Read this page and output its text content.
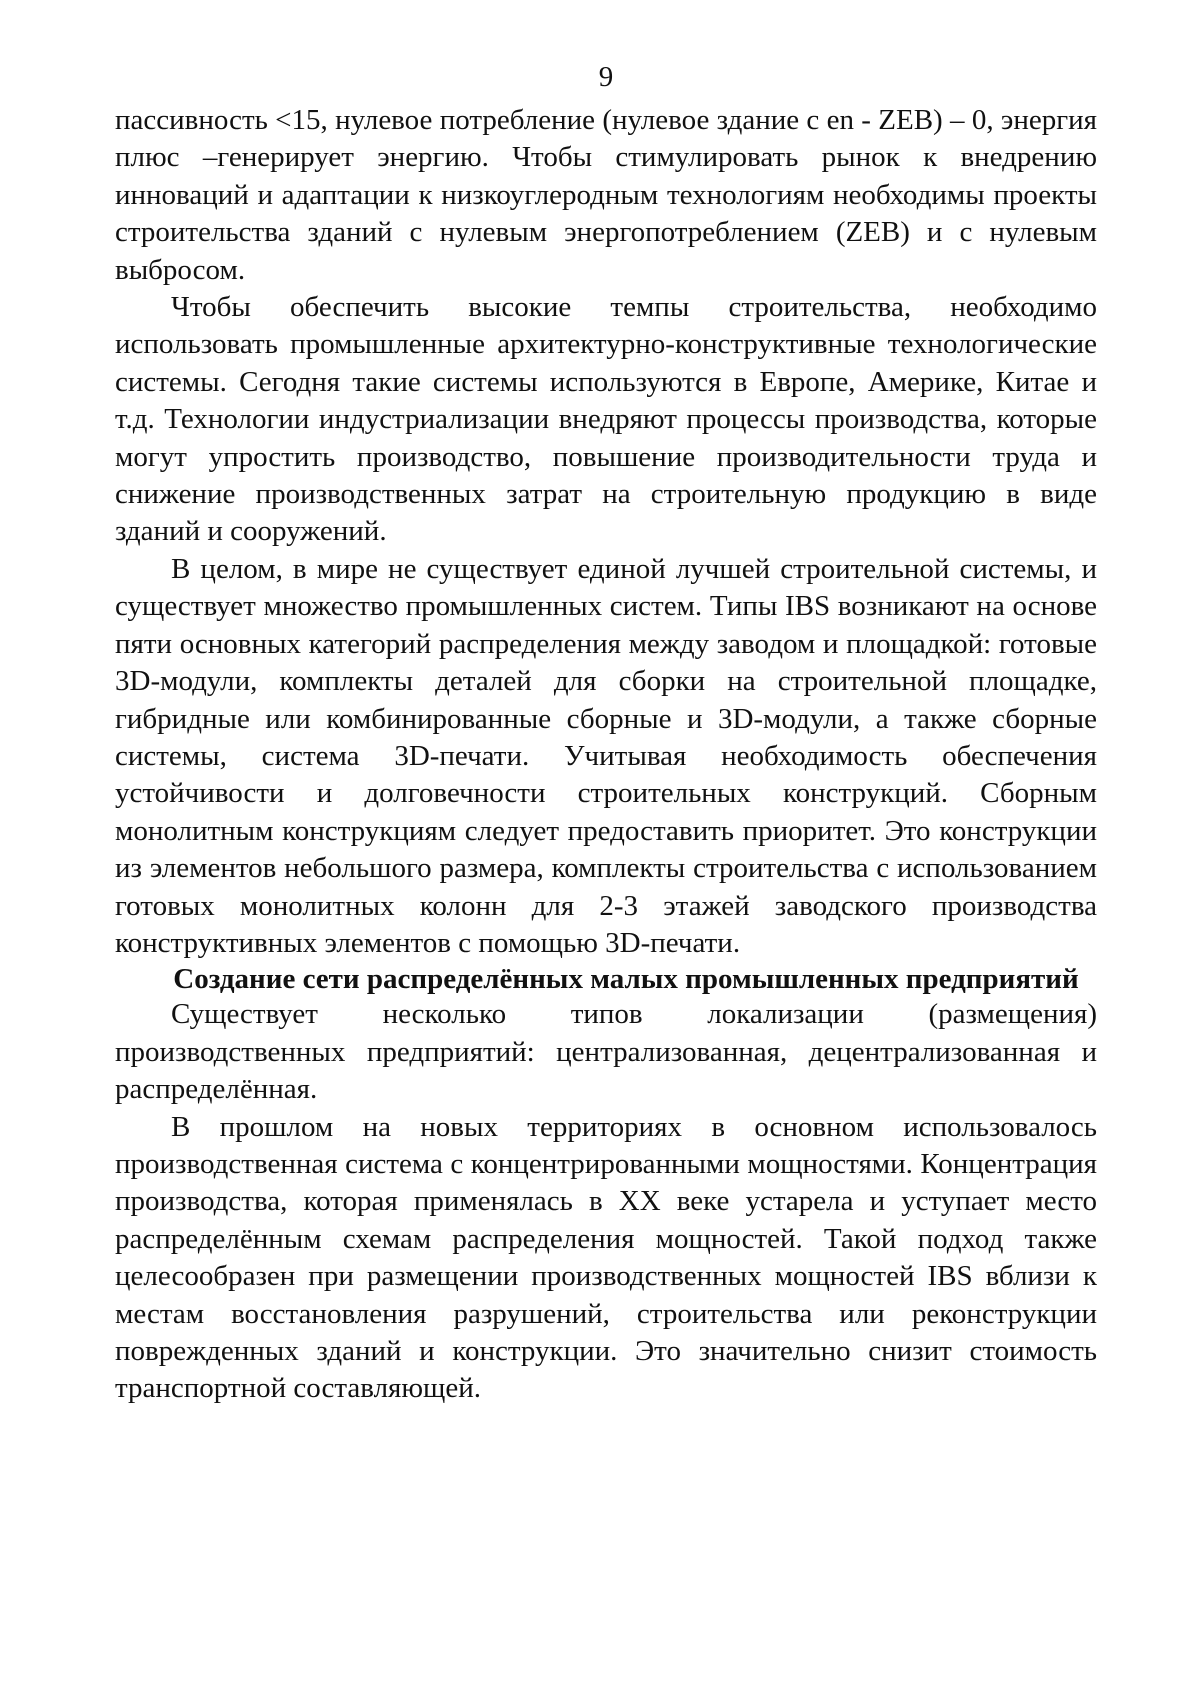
9

пассивность <15, нулевое потребление (нулевое здание с en - ZEB) – 0, энергия плюс –генерирует энергию. Чтобы стимулировать рынок к внедрению инноваций и адаптации к низкоуглеродным технологиям необходимы проекты строительства зданий с нулевым энергопотреблением (ZEB) и с нулевым выбросом.

Чтобы обеспечить высокие темпы строительства, необходимо использовать промышленные архитектурно-конструктивные технологические системы. Сегодня такие системы используются в Европе, Америке, Китае и т.д. Технологии индустриализации внедряют процессы производства, которые могут упростить производство, повышение производительности труда и снижение производственных затрат на строительную продукцию в виде зданий и сооружений.

В целом, в мире не существует единой лучшей строительной системы, и существует множество промышленных систем. Типы IBS возникают на основе пяти основных категорий распределения между заводом и площадкой: готовые 3D-модули, комплекты деталей для сборки на строительной площадке, гибридные или комбинированные сборные и 3D-модули, а также сборные системы, система 3D-печати. Учитывая необходимость обеспечения устойчивости и долговечности строительных конструкций. Сборным монолитным конструкциям следует предоставить приоритет. Это конструкции из элементов небольшого размера, комплекты строительства с использованием готовых монолитных колонн для 2-3 этажей заводского производства конструктивных элементов с помощью 3D-печати.

Создание сети распределённых малых промышленных предприятий

Существует несколько типов локализации (размещения) производственных предприятий: централизованная, децентрализованная и распределённая.

В прошлом на новых территориях в основном использовалось производственная система с концентрированными мощностями. Концентрация производства, которая применялась в XX веке устарела и уступает место распределённым схемам распределения мощностей. Такой подход также целесообразен при размещении производственных мощностей IBS вблизи к местам восстановления разрушений, строительства или реконструкции поврежденных зданий и конструкции. Это значительно снизит стоимость транспортной составляющей.
